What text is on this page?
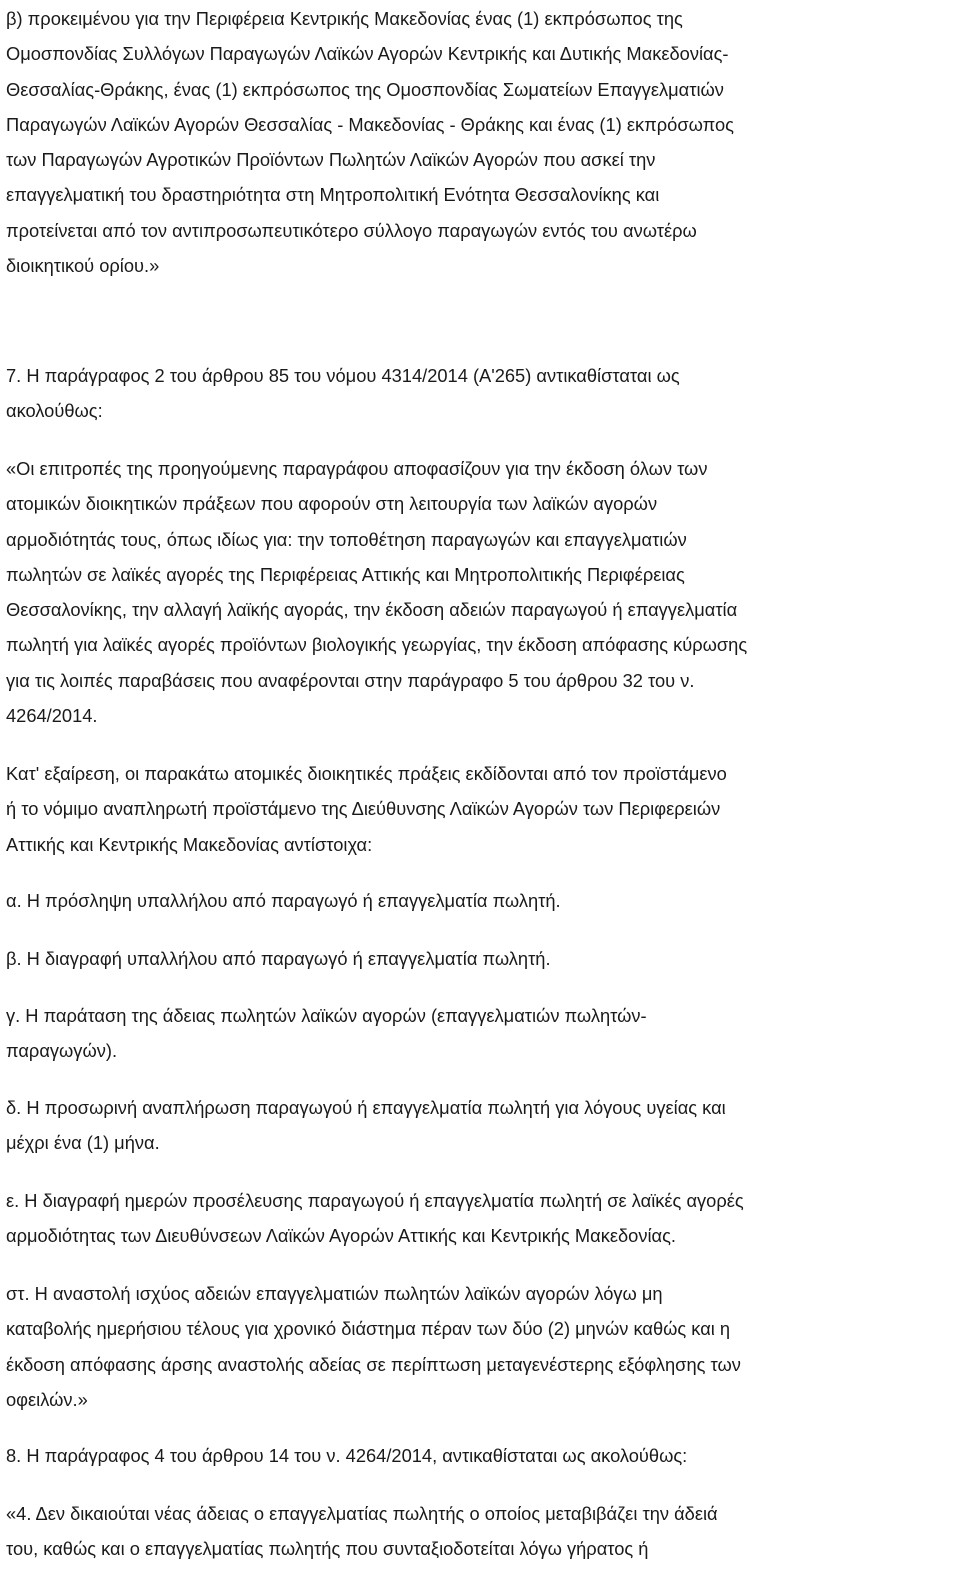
β) προκειμένου για την Περιφέρεια Κεντρικής Μακεδονίας ένας (1) εκπρόσωπος της
Ομοσπονδίας Συλλόγων Παραγωγών Λαϊκών Αγορών Κεντρικής και Δυτικής Μακεδονίας-
Θεσσαλίας-Θράκης, ένας (1) εκπρόσωπος της Ομοσπονδίας Σωματείων Επαγγελματιών
Παραγωγών Λαϊκών Αγορών Θεσσαλίας - Μακεδονίας - Θράκης και ένας (1) εκπρόσωπος
των Παραγωγών Αγροτικών Προϊόντων Πωλητών Λαϊκών Αγορών που ασκεί την
επαγγελματική του δραστηριότητα στη Μητροπολιτική Ενότητα Θεσσαλονίκης και
προτείνεται από τον αντιπροσωπευτικότερο σύλλογο παραγωγών εντός του ανωτέρω
διοικητικού ορίου.»
7. Η παράγραφος 2 του άρθρου 85 του νόμου 4314/2014 (Α'265) αντικαθίσταται ως
ακολούθως:
«Οι επιτροπές της προηγούμενης παραγράφου αποφασίζουν για την έκδοση όλων των
ατομικών διοικητικών πράξεων που αφορούν στη λειτουργία των λαϊκών αγορών
αρμοδιότητάς τους, όπως ιδίως για: την τοποθέτηση παραγωγών και επαγγελματιών
πωλητών σε λαϊκές αγορές της Περιφέρειας Αττικής και Μητροπολιτικής Περιφέρειας
Θεσσαλονίκης, την αλλαγή λαϊκής αγοράς, την έκδοση αδειών παραγωγού ή επαγγελματία
πωλητή για λαϊκές αγορές προϊόντων βιολογικής γεωργίας, την έκδοση απόφασης κύρωσης
για τις λοιπές παραβάσεις που αναφέρονται στην παράγραφο 5 του άρθρου 32 του ν.
4264/2014.
Κατ' εξαίρεση, οι παρακάτω ατομικές διοικητικές πράξεις εκδίδονται από τον προϊστάμενο
ή το νόμιμο αναπληρωτή προϊστάμενο της Διεύθυνσης Λαϊκών Αγορών των Περιφερειών
Αττικής και Κεντρικής Μακεδονίας αντίστοιχα:
α. Η πρόσληψη υπαλλήλου από παραγωγό ή επαγγελματία πωλητή.
β. Η διαγραφή υπαλλήλου από παραγωγό ή επαγγελματία πωλητή.
γ. Η παράταση της άδειας πωλητών λαϊκών αγορών (επαγγελματιών πωλητών-
παραγωγών).
δ. Η προσωρινή αναπλήρωση παραγωγού ή επαγγελματία πωλητή για λόγους υγείας και
μέχρι ένα (1) μήνα.
ε. Η διαγραφή ημερών προσέλευσης παραγωγού ή επαγγελματία πωλητή σε λαϊκές αγορές
αρμοδιότητας των Διευθύνσεων Λαϊκών Αγορών Αττικής και Κεντρικής Μακεδονίας.
στ. Η αναστολή ισχύος αδειών επαγγελματιών πωλητών λαϊκών αγορών λόγω μη
καταβολής ημερήσιου τέλους για χρονικό διάστημα πέραν των δύο (2) μηνών καθώς και η
έκδοση απόφασης άρσης αναστολής αδείας σε περίπτωση μεταγενέστερης εξόφλησης των
οφειλών.»
8. Η παράγραφος 4 του άρθρου 14 του ν. 4264/2014, αντικαθίσταται ως ακολούθως:
«4. Δεν δικαιούται νέας άδειας ο επαγγελματίας πωλητής ο οποίος μεταβιβάζει την άδειά
του, καθώς και ο επαγγελματίας πωλητής που συνταξιοδοτείται λόγω γήρατος ή
